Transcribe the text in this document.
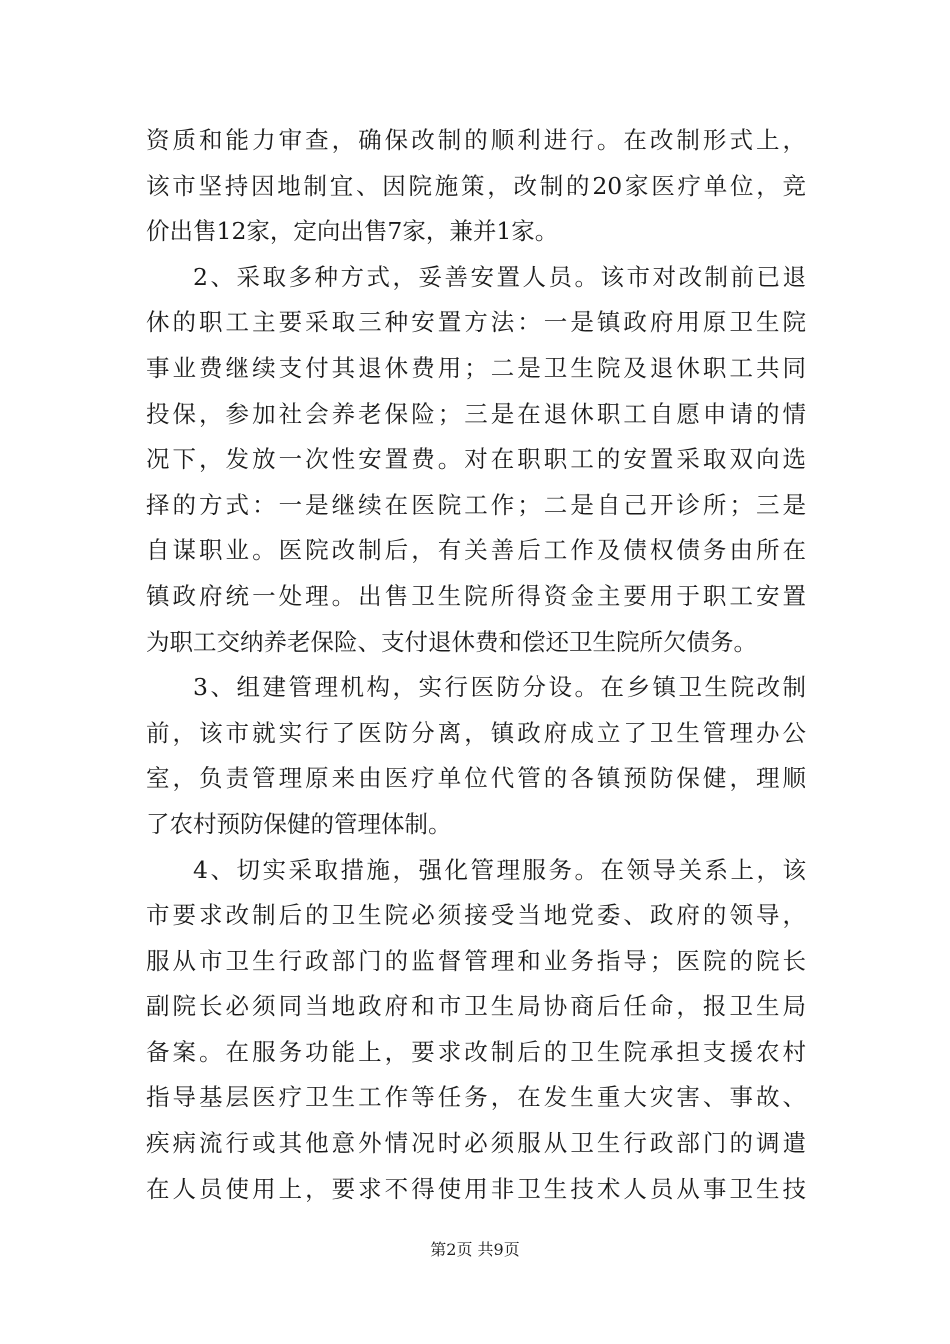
资质和能力审查，确保改制的顺利进行。在改制形式上，
该市坚持因地制宜、因院施策，改制的20家医疗单位，竞
价出售12家，定向出售7家，兼并1家。
2、采取多种方式，妥善安置人员。该市对改制前已退
休的职工主要采取三种安置方法：一是镇政府用原卫生院
事业费继续支付其退休费用；二是卫生院及退休职工共同
投保，参加社会养老保险；三是在退休职工自愿申请的情
况下，发放一次性安置费。对在职职工的安置采取双向选
择的方式：一是继续在医院工作；二是自己开诊所；三是
自谋职业。医院改制后，有关善后工作及债权债务由所在
镇政府统一处理。出售卫生院所得资金主要用于职工安置
为职工交纳养老保险、支付退休费和偿还卫生院所欠债务。
3、组建管理机构，实行医防分设。在乡镇卫生院改制
前，该市就实行了医防分离，镇政府成立了卫生管理办公
室，负责管理原来由医疗单位代管的各镇预防保健，理顺
了农村预防保健的管理体制。
4、切实采取措施，强化管理服务。在领导关系上，该
市要求改制后的卫生院必须接受当地党委、政府的领导，
服从市卫生行政部门的监督管理和业务指导；医院的院长
副院长必须同当地政府和市卫生局协商后任命，报卫生局
备案。在服务功能上，要求改制后的卫生院承担支援农村
指导基层医疗卫生工作等任务，在发生重大灾害、事故、
疾病流行或其他意外情况时必须服从卫生行政部门的调遣
在人员使用上，要求不得使用非卫生技术人员从事卫生技
第2页 共9页
